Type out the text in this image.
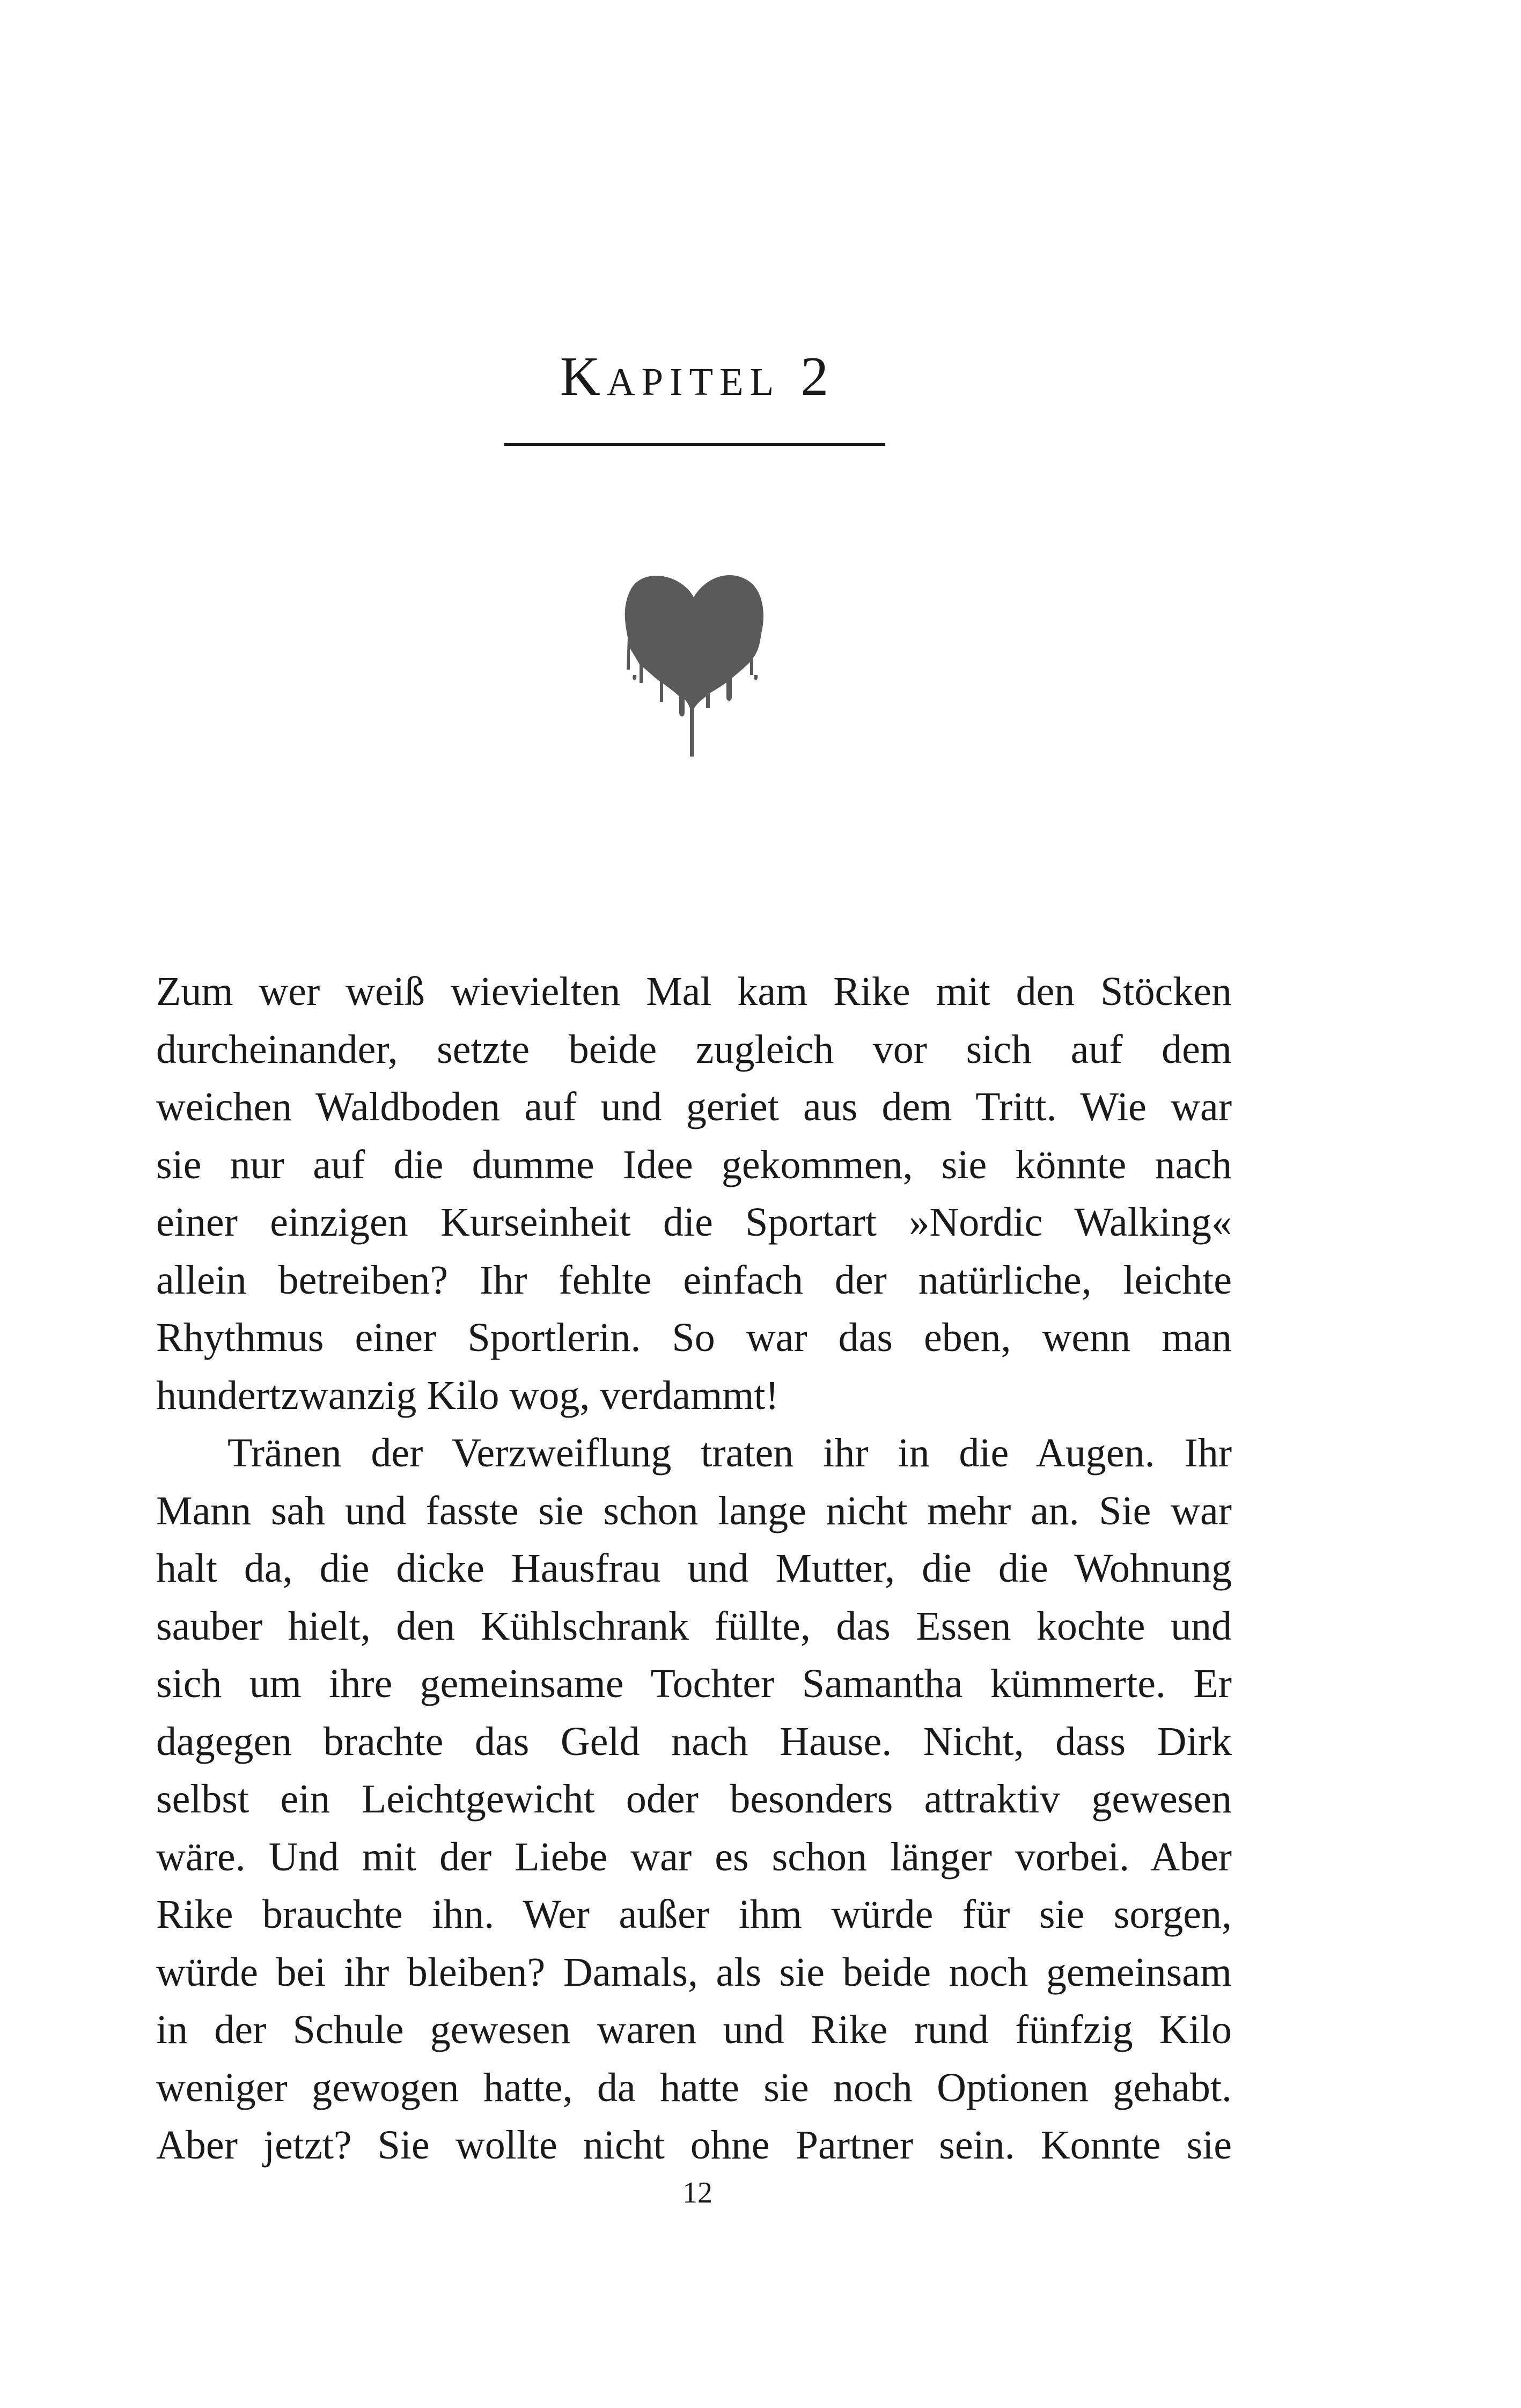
Kapitel 2

Zum wer weiß wievielten Mal kam Rike mit den Stöcken
durcheinander, setzte beide zugleich vor sich auf dem
weichen Waldboden auf und geriet aus dem Tritt. Wie war
sie nur auf die dumme Idee gekommen, sie könnte nach
einer einzigen Kurseinheit die Sportart »Nordic Walking«
allein betreiben? Ihr fehlte einfach der natürliche, leichte
Rhythmus einer Sportlerin. So war das eben, wenn man
hundertzwanzig Kilo wog, verdammt!

Tränen der Verzweiflung traten ihr in die Augen. Ihr
Mann sah und fasste sie schon lange nicht mehr an. Sie war
halt da, die dicke Hausfrau und Mutter, die die Wohnung
sauber hielt, den Kühlschrank füllte, das Essen kochte und
sich um ihre gemeinsame Tochter Samantha kümmerte. Er
dagegen brachte das Geld nach Hause. Nicht, dass Dirk
selbst ein Leichtgewicht oder besonders attraktiv gewesen
wäre. Und mit der Liebe war es schon länger vorbei. Aber
Rike brauchte ihn. Wer außer ihm würde für sie sorgen,
würde bei ihr bleiben? Damals, als sie beide noch gemeinsam
in der Schule gewesen waren und Rike rund fünfzig Kilo
weniger gewogen hatte, da hatte sie noch Optionen gehabt.
Aber jetzt? Sie wollte nicht ohne Partner sein. Konnte sie

12
